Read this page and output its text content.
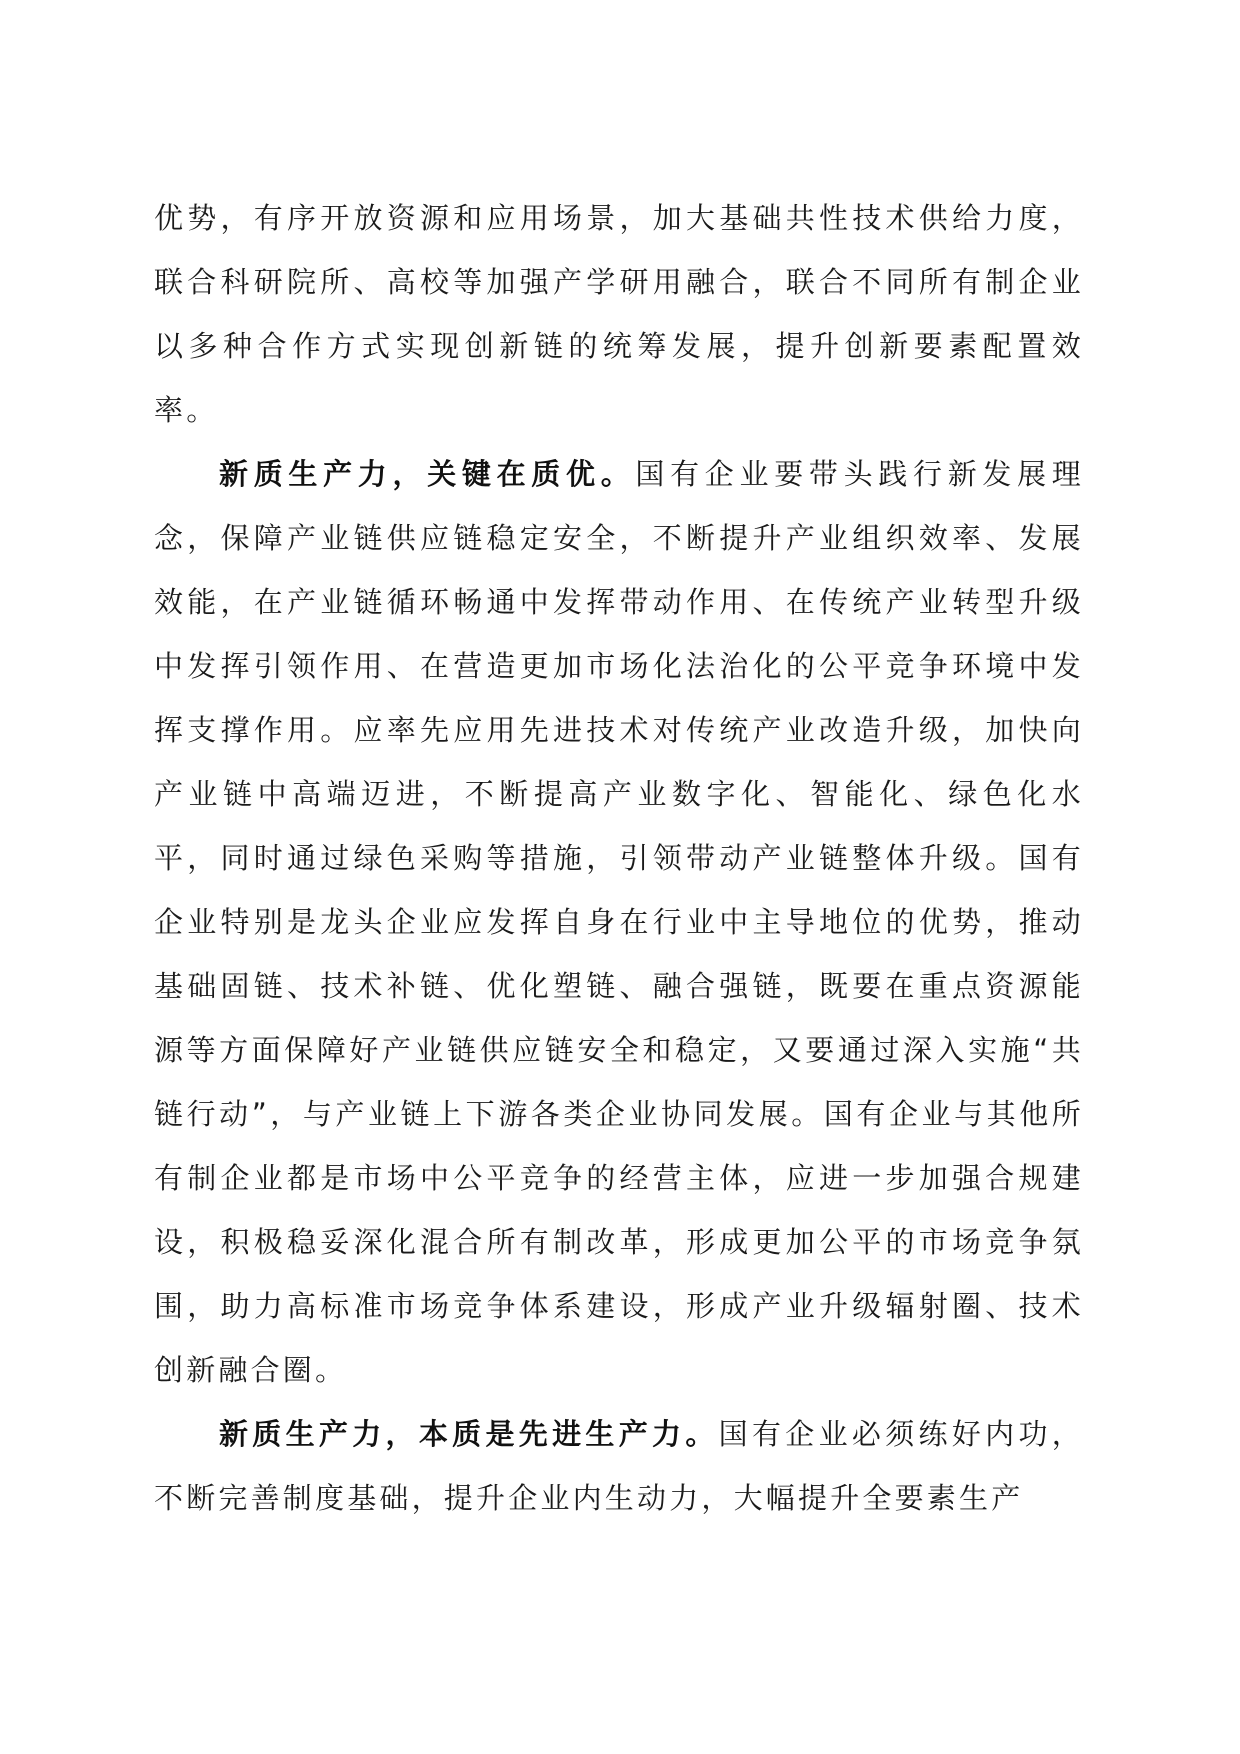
优势，有序开放资源和应用场景，加大基础共性技术供给力度，联合科研院所、高校等加强产学研用融合，联合不同所有制企业以多种合作方式实现创新链的统筹发展，提升创新要素配置效率。

新质生产力，关键在质优。国有企业要带头践行新发展理念，保障产业链供应链稳定安全，不断提升产业组织效率、发展效能，在产业链循环畅通中发挥带动作用、在传统产业转型升级中发挥引领作用、在营造更加市场化法治化的公平竞争环境中发挥支撑作用。应率先应用先进技术对传统产业改造升级，加快向产业链中高端迈进，不断提高产业数字化、智能化、绿色化水平，同时通过绿色采购等措施，引领带动产业链整体升级。国有企业特别是龙头企业应发挥自身在行业中主导地位的优势，推动基础固链、技术补链、优化塑链、融合强链，既要在重点资源能源等方面保障好产业链供应链安全和稳定，又要通过深入实施“共链行动”，与产业链上下游各类企业协同发展。国有企业与其他所有制企业都是市场中公平竞争的经营主体，应进一步加强合规建设，积极稳妥深化混合所有制改革，形成更加公平的市场竞争氛围，助力高标准市场竞争体系建设，形成产业升级辐射圈、技术创新融合圈。

新质生产力，本质是先进生产力。国有企业必须练好内功，不断完善制度基础，提升企业内生动力，大幅提升全要素生产
